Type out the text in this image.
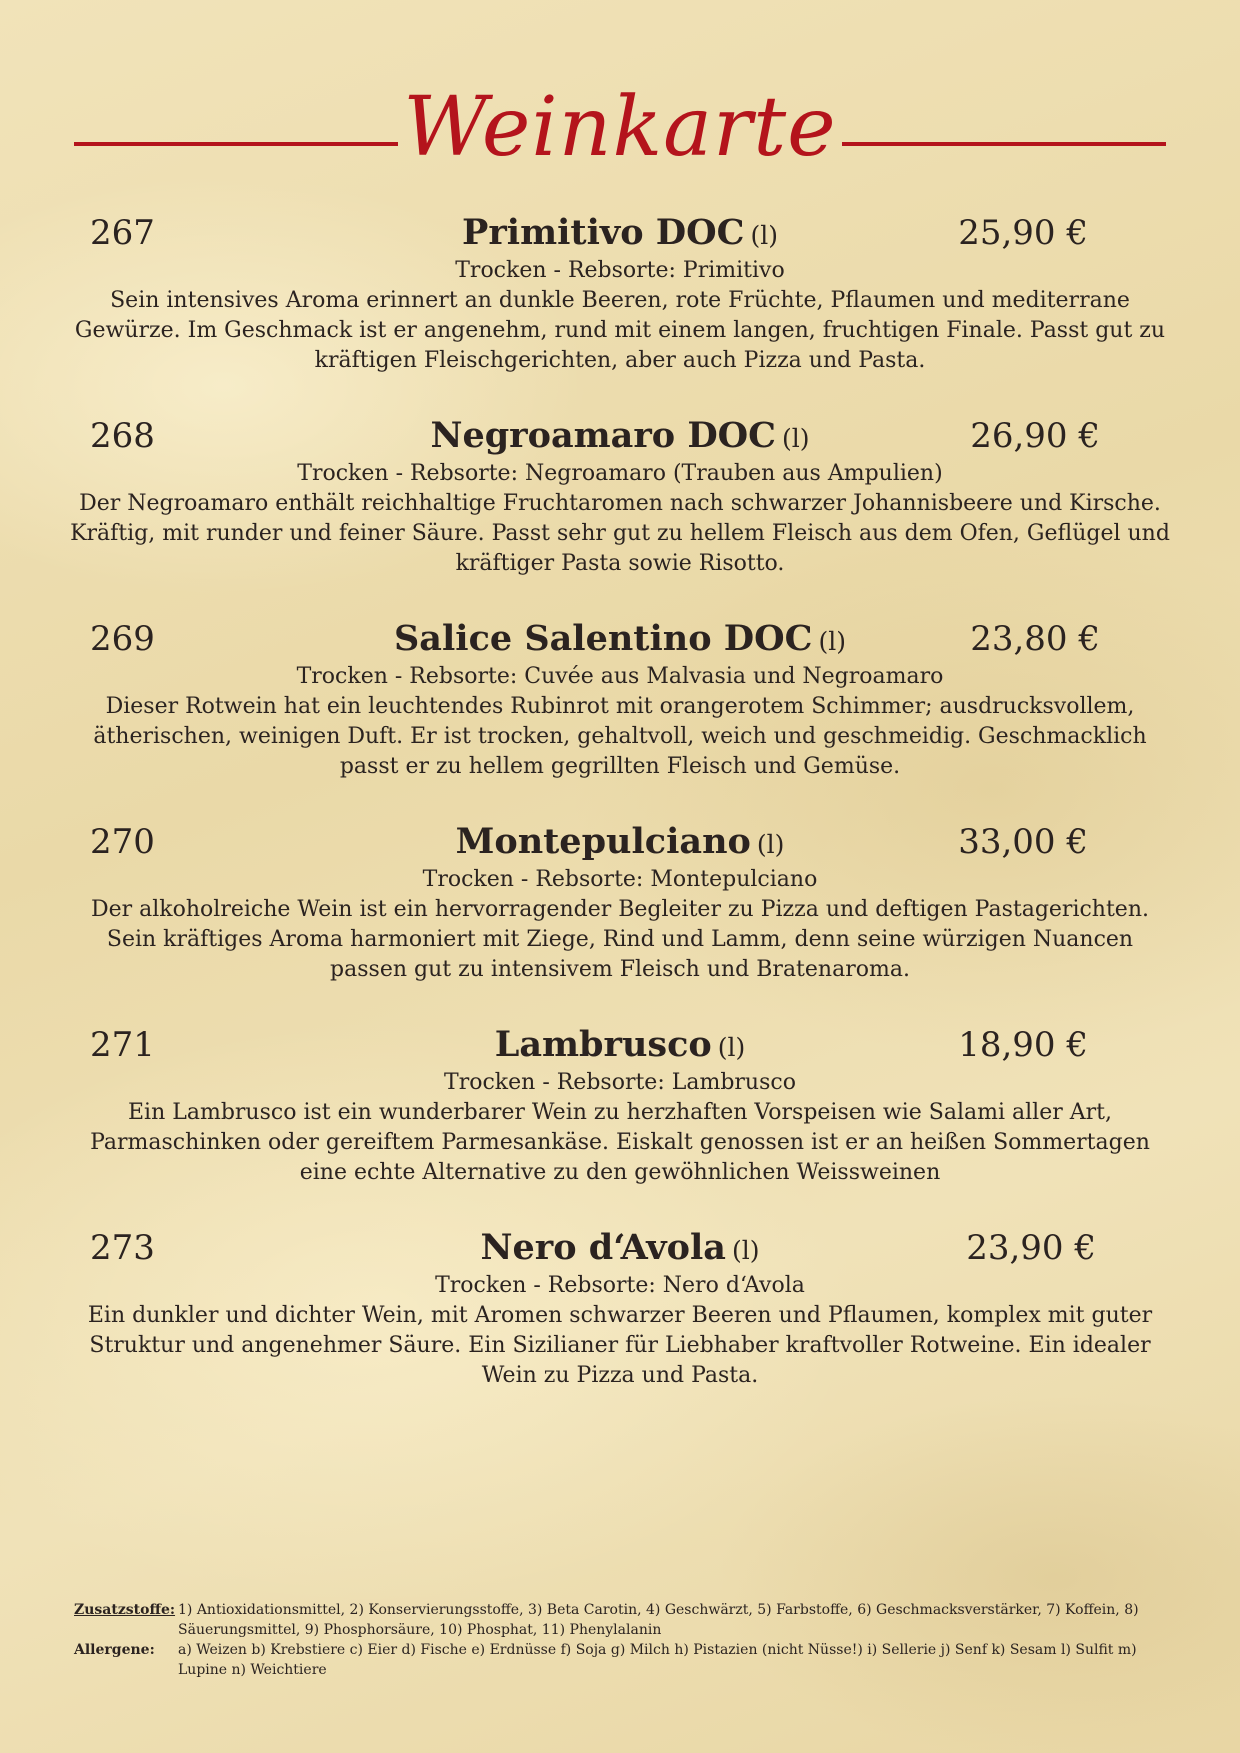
Weinkarte
267	Primitivo DOC (l)	25,90 €
Trocken - Rebsorte: Primitivo
Sein intensives Aroma erinnert an dunkle Beeren, rote Früchte, Pflaumen und mediterrane Gewürze. Im Geschmack ist er angenehm, rund mit einem langen, fruchtigen Finale. Passt gut zu kräftigen Fleischgerichten, aber auch Pizza und Pasta.
268	Negroamaro DOC (l)	26,90 €
Trocken - Rebsorte: Negroamaro (Trauben aus Ampulien)
Der Negroamaro enthält reichhaltige Fruchtaromen nach schwarzer Johannisbeere und Kirsche. Kräftig, mit runder und feiner Säure. Passt sehr gut zu hellem Fleisch aus dem Ofen, Geflügel und kräftiger Pasta sowie Risotto.
269	Salice Salentino DOC (l)	23,80 €
Trocken - Rebsorte: Cuvée aus Malvasia und Negroamaro
Dieser Rotwein hat ein leuchtendes Rubinrot mit orangerotem Schimmer; ausdrucksvollem, ätherischen, weinigen Duft. Er ist trocken, gehaltvoll, weich und geschmeidig. Geschmacklich passt er zu hellem gegrillten Fleisch und Gemüse.
270	Montepulciano (l)	33,00 €
Trocken - Rebsorte: Montepulciano
Der alkoholreiche Wein ist ein hervorragender Begleiter zu Pizza und deftigen Pastagerichten. Sein kräftiges Aroma harmoniert mit Ziege, Rind und Lamm, denn seine würzigen Nuancen passen gut zu intensivem Fleisch und Bratenaroma.
271	Lambrusco (l)	18,90 €
Trocken - Rebsorte: Lambrusco
Ein Lambrusco ist ein wunderbarer Wein zu herzhaften Vorspeisen wie Salami aller Art, Parmaschinken oder gereiftem Parmesankäse. Eiskalt genossen ist er an heißen Sommertagen eine echte Alternative zu den gewöhnlichen Weissweinen
273	Nero d‘Avola (l)	23,90 €
Trocken - Rebsorte: Nero d‘Avola
Ein dunkler und dichter Wein, mit Aromen schwarzer Beeren und Pflaumen, komplex mit guter Struktur und angenehmer Säure. Ein Sizilianer für Liebhaber kraftvoller Rotweine. Ein idealer Wein zu Pizza und Pasta.
Zusatzstoffe: 1) Antioxidationsmittel, 2) Konservierungsstoffe, 3) Beta Carotin, 4) Geschwärzt, 5) Farbstoffe, 6) Geschmacksverstärker, 7) Koffein, 8) Säuerungsmittel, 9) Phosphorsäure, 10) Phosphat, 11) Phenylalanin
Allergene:	a) Weizen b) Krebstiere c) Eier d) Fische e) Erdnüsse f) Soja g) Milch h) Pistazien (nicht Nüsse!) i) Sellerie j) Senf k) Sesam l) Sulfit m) Lupine n) Weichtiere
